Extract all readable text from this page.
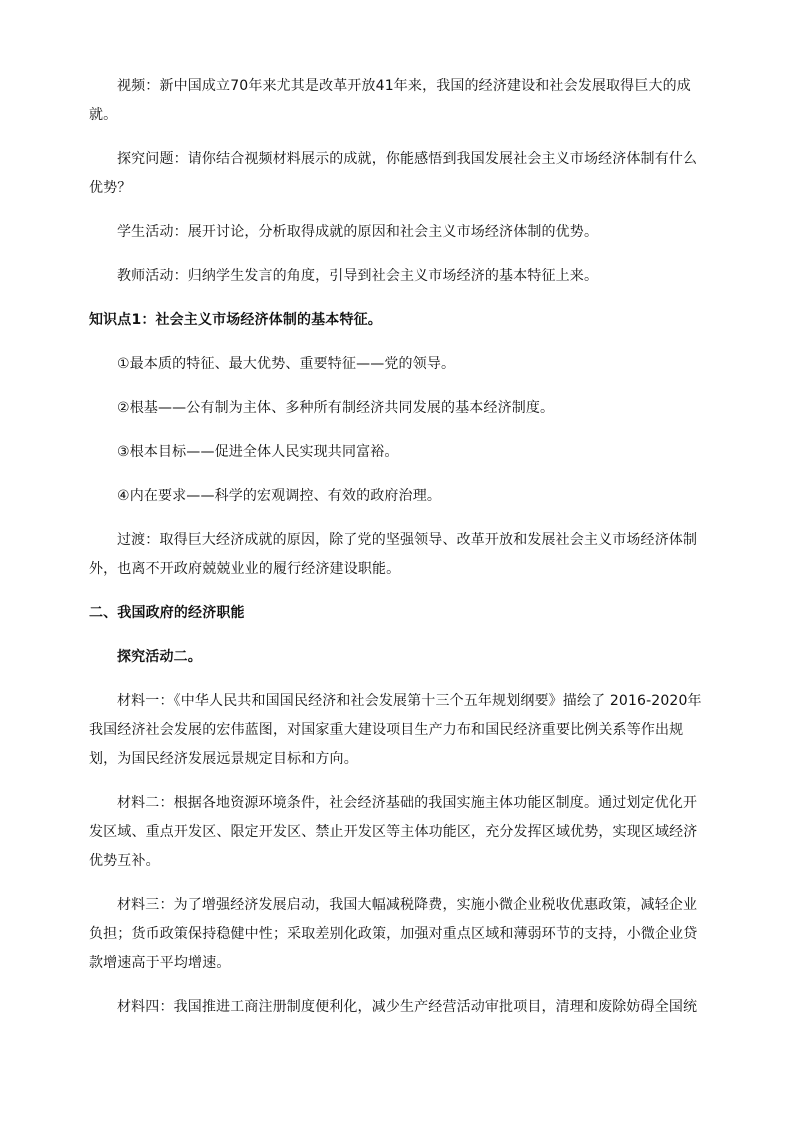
视频：新中国成立70年来尤其是改革开放41年来，我国的经济建设和社会发展取得巨大的成
就。

探究问题：请你结合视频材料展示的成就，你能感悟到我国发展社会主义市场经济体制有什么
优势？

学生活动：展开讨论，分析取得成就的原因和社会主义市场经济体制的优势。

教师活动：归纳学生发言的角度，引导到社会主义市场经济的基本特征上来。

知识点1：社会主义市场经济体制的基本特征。

①最本质的特征、最大优势、重要特征——党的领导。

②根基——公有制为主体、多种所有制经济共同发展的基本经济制度。

③根本目标——促进全体人民实现共同富裕。

④内在要求——科学的宏观调控、有效的政府治理。

过渡：取得巨大经济成就的原因，除了党的坚强领导、改革开放和发展社会主义市场经济体制
外，也离不开政府兢兢业业的履行经济建设职能。

二、我国政府的经济职能

探究活动二。

材料一：《中华人民共和国国民经济和社会发展第十三个五年规划纲要》描绘了 2016-2020年
我国经济社会发展的宏伟蓝图，对国家重大建设项目生产力布和国民经济重要比例关系等作出规
划，为国民经济发展远景规定目标和方向。

材料二：根据各地资源环境条件，社会经济基础的我国实施主体功能区制度。通过划定优化开
发区域、重点开发区、限定开发区、禁止开发区等主体功能区，充分发挥区域优势，实现区域经济
优势互补。

材料三：为了增强经济发展启动，我国大幅减税降费，实施小微企业税收优惠政策，减轻企业
负担；货币政策保持稳健中性；采取差别化政策，加强对重点区域和薄弱环节的支持，小微企业贷
款增速高于平均增速。

材料四：我国推进工商注册制度便利化，减少生产经营活动审批项目，清理和废除妨碍全国统
